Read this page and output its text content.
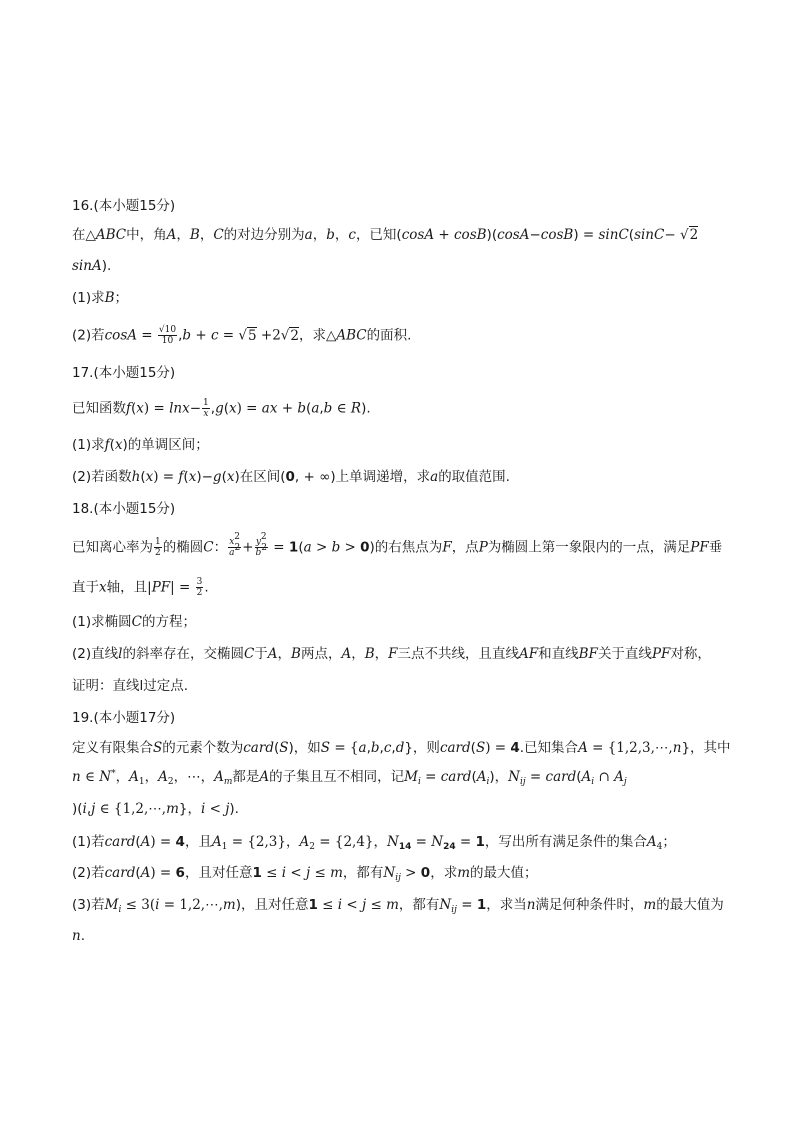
16.(本小题15分)
在△ABC中，角A，B，C的对边分别为a，b，c，已知(cosA + cosB)(cosA−cosB) = sinC(sinC− √2
sinA).
(1)求B；
(2)若$\cos A = \frac{√10}{10} ,b + c = √5 +2√2$，求△ABC的面积.
17.(本小题15分)
已知函数$f(x) = \ln x- \frac{1}{x} ,g(x)$ = ax + b(a,b ∈ R).
(1)求f(x)的单调区间；
(2)若函数h(x) = f(x)−g(x)在区间(0, + ∞)上单调递增，求a的取值范围.
18.(本小题15分)
已知离心率为 $\frac{1}{2}$ 的椭圆C： $\frac{x^2}{a^2} + \frac{y^2}{b^2} = 1(a > b > 0)$的右焦点为F，点P为椭圆上第一象限内的一点，满足PF垂
直于x轴，且$|PF| = \frac{3}{2}$ .
(1)求椭圆C的方程；
(2)直线l的斜率存在，交椭圆C于A，B两点，A，B，F三点不共线，且直线AF和直线BF关于直线PF对称，
证明：直线l过定点.
19.(本小题17分)
定义有限集合S的元素个数为card(S)，如S = {a,b,c,d}，则card(S) = 4.已知集合A = {1,2,3,⋯,n}，其中
n ∈ N*，$A_1$，$A_2$，⋯，$A_m$都是A的子集且互不相同，记$M_i$ = $card(A_i)$，$N_{ij}$ = $card(A_i$ ∩ $A_j$
)(i,j ∈ {1,2,⋯,m}，i < j).
(1)若card(A) = 4，且$A_1 = \{2,3\}$，$A_2 = \{2,4\}$，$N_{14} = N_{24} = 1$，写出所有满足条件的集合$A_4$；
(2)若card(A) = 6，且对任意1 ≤ i < j ≤ m，都有$N_{ij} > 0$，求m的最大值；
(3)若$M_i \le 3(i$ = 1,2,⋯,m)，且对任意1 ≤ i < j ≤ m，都有$N_{ij} = 1$，求当n满足何种条件时，m的最大值为
n.
